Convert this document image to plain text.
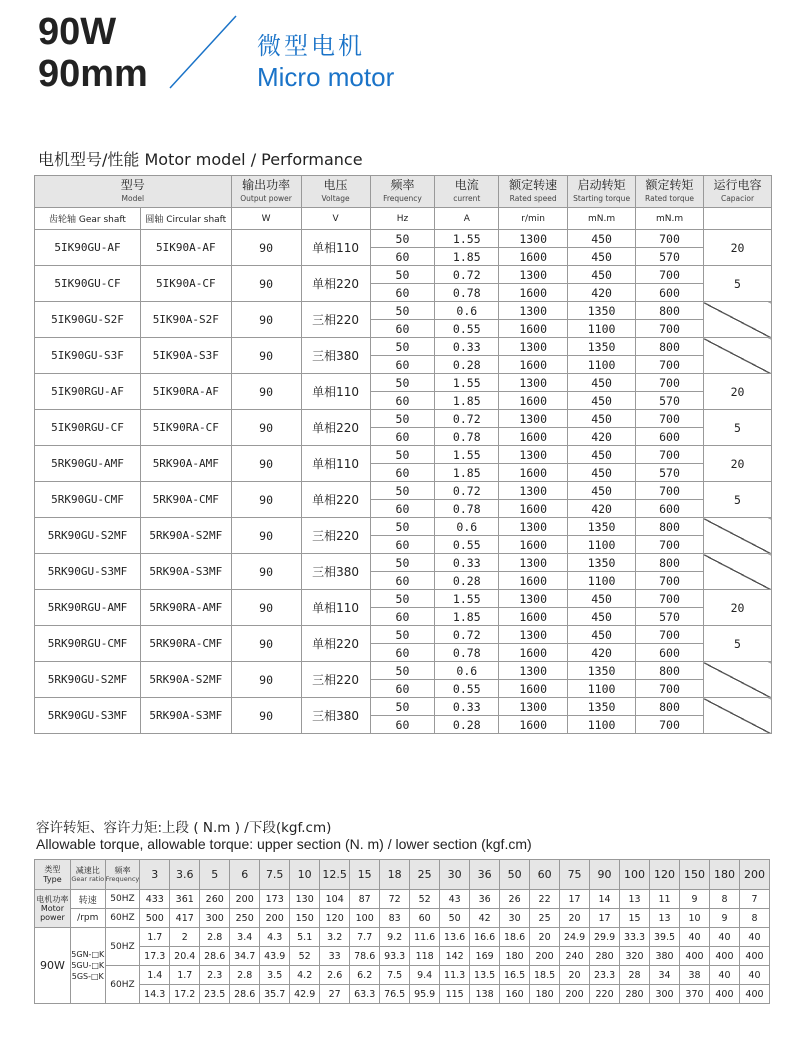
90W
90mm
微型电机
Micro motor
电机型号/性能 Motor model / Performance
型号
Model		输出功率
Output power	电压
Voltage	频率
Frequency	电流
current	额定转速
Rated speed	启动转矩
Starting torque	额定转矩
Rated torque	运行电容
Capacior

齿轮轴 Gear shaft	圆轴 Circular shaft	W	V	Hz	A	r/min	mN.m	mN.m	
5IK90GU-AF	5IK90A-AF	90	单相110	50	1.55	1300	450	700	20
				60	1.85	1600	450	570	
5IK90GU-CF	5IK90A-CF	90	单相220	50	0.72	1300	450	700	5
				60	0.78	1600	420	600	
5IK90GU-S2F	5IK90A-S2F	90	三相220	50	0.6	1300	1350	800	
				60	0.55	1600	1100	700	
5IK90GU-S3F	5IK90A-S3F	90	三相380	50	0.33	1300	1350	800	
				60	0.28	1600	1100	700	
5IK90RGU-AF	5IK90RA-AF	90	单相110	50	1.55	1300	450	700	20
				60	1.85	1600	450	570	
5IK90RGU-CF	5IK90RA-CF	90	单相220	50	0.72	1300	450	700	5
				60	0.78	1600	420	600	
5RK90GU-AMF	5RK90A-AMF	90	单相110	50	1.55	1300	450	700	20
				60	1.85	1600	450	570	
5RK90GU-CMF	5RK90A-CMF	90	单相220	50	0.72	1300	450	700	5
				60	0.78	1600	420	600	
5RK90GU-S2MF	5RK90A-S2MF	90	三相220	50	0.6	1300	1350	800	
				60	0.55	1600	1100	700	
5RK90GU-S3MF	5RK90A-S3MF	90	三相380	50	0.33	1300	1350	800	
				60	0.28	1600	1100	700	
5RK90RGU-AMF	5RK90RA-AMF	90	单相110	50	1.55	1300	450	700	20
				60	1.85	1600	450	570	
5RK90RGU-CMF	5RK90RA-CMF	90	单相220	50	0.72	1300	450	700	5
				60	0.78	1600	420	600	
5RK90GU-S2MF	5RK90A-S2MF	90	三相220	50	0.6	1300	1350	800	
				60	0.55	1600	1100	700	
5RK90GU-S3MF	5RK90A-S3MF	90	三相380	50	0.33	1300	1350	800	
				60	0.28	1600	1100	700	
容许转矩、容许力矩:上段 ( N.m ) /下段(kgf.cm)
Allowable torque, allowable torque: upper section (N. m) / lower section (kgf.cm)
类型
Type	减速比
Gear ratio	频率
Frequency	3	3.6	5	6	7.5	10	12.5	15	18	25	30	36	50	60	75	90	100	120	150	180	200
电机功率
Motor power	转速	50HZ	433	361	260	200	173	130	104	87	72	52	43	36	26	22	17	14	13	11	9	8	7
	/rpm	60HZ	500	417	300	250	200	150	120	100	83	60	50	42	30	25	20	17	15	13	10	9	8
90W	5GN-□K 5GU-□K 5GS-□K	50HZ	1.7	2	2.8	3.4	4.3	5.1	3.2	7.7	9.2	11.6	13.6	16.6	18.6	20	24.9	29.9	33.3	39.5	40	40	40
			17.3	20.4	28.6	34.7	43.9	52	33	78.6	93.3	118	142	169	180	200	240	280	320	380	400	400	400
		60HZ	1.4	1.7	2.3	2.8	3.5	4.2	2.6	6.2	7.5	9.4	11.3	13.5	16.5	18.5	20	23.3	28	34	38	40	40
			14.3	17.2	23.5	28.6	35.7	42.9	27	63.3	76.5	95.9	115	138	160	180	200	220	280	300	370	400	400
